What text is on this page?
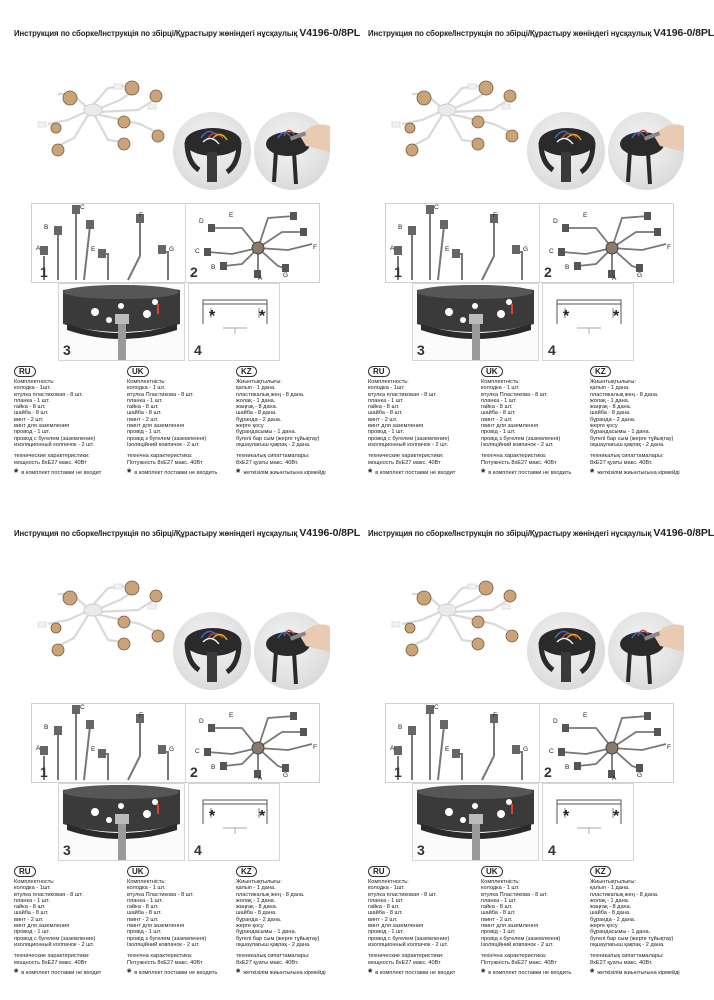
Инструкция по сборке/Інструкція по збірці/Құрастыру жөніндегі нұсқаулық V4196-0/8PL
A
B
C
F
E	G
D
E
C
B
A	G
F
*	*
1	2
3	4
RU
Комплектность:
колодка - 1шт.
втулка пластиковая - 8 шт.
планка - 1 шт.
гайка - 8 шт.
шайба - 8 шт.
винт - 2 шт.
винт для заземления
провод - 1 шт.
провод с бугелем (заземление)
изоляционный колпачок - 2 шт.
технические характеристики:
мощность 8хE27 макс. 40Вт
* в комплект поставки не входит
UK
Комплектність:
колодка - 1 шт.
втулка Пластикова - 8 шт.
планка - 1 шт.
гайка - 8 шт.
шайба - 8 шт.
гвинт - 2 шт.
гвинт для заземлення
провід - 1 шт.
провід з бугелем (заземлення)
Ізоляційний ковпачок - 2 шт.
технічна характеристика:
Потужність 8хE27 макс. 40Вт
* в комплект поставки не входить
KZ
Жиынтықтылығы:
қалып - 1 дана.
пластикалық жең - 8 дана.
жолақ - 1 дана.
жаңғақ - 8 дана.
шайба - 8 дана.
бұранда - 2 дана.
жерге қосу
бұрандасымы - 1 дана.
бугелі бар сым (жерге тұйықтау)
оқшаулағыш қақпақ - 2 дана.
техникалық сипаттамалары:
8хE27 қуаты макс. 40Вт.
* жеткізілім жиынтығына кірмейді
Инструкция по сборке/Інструкція по збірці/Құрастыру жөніндегі нұсқаулық V4196-0/8PL
A
B
C
F
E	G
D
E
C
B
A	G
F
*	*
1	2
3	4
RU
Комплектность:
колодка - 1шт.
втулка пластиковая - 8 шт.
планка - 1 шт.
гайка - 8 шт.
шайба - 8 шт.
винт - 2 шт.
винт для заземления
провод - 1 шт.
провод с бугелем (заземление)
изоляционный колпачок - 2 шт.
технические характеристики:
мощность 8хE27 макс. 40Вт
* в комплект поставки не входит
UK
Комплектність:
колодка - 1 шт.
втулка Пластикова - 8 шт.
планка - 1 шт.
гайка - 8 шт.
шайба - 8 шт.
гвинт - 2 шт.
гвинт для заземлення
провід - 1 шт.
провід з бугелем (заземлення)
Ізоляційний ковпачок - 2 шт.
технічна характеристика:
Потужність 8хE27 макс. 40Вт
* в комплект поставки не входить
KZ
Жиынтықтылығы:
қалып - 1 дана.
пластикалық жең - 8 дана.
жолақ - 1 дана.
жаңғақ - 8 дана.
шайба - 8 дана.
бұранда - 2 дана.
жерге қосу
бұрандасымы - 1 дана.
бугелі бар сым (жерге тұйықтау)
оқшаулағыш қақпақ - 2 дана.
техникалық сипаттамалары:
8хE27 қуаты макс. 40Вт.
* жеткізілім жиынтығына кірмейді
Инструкция по сборке/Інструкція по збірці/Құрастыру жөніндегі нұсқаулық V4196-0/8PL
A
B
C
F
E	G
D
E
C
B
A	G
F
*	*
1	2
3	4
RU
Комплектность:
колодка - 1шт.
втулка пластиковая - 8 шт.
планка - 1 шт.
гайка - 8 шт.
шайба - 8 шт.
винт - 2 шт.
винт для заземления
провод - 1 шт.
провод с бугелем (заземление)
изоляционный колпачок - 2 шт.
технические характеристики:
мощность 8хE27 макс. 40Вт
* в комплект поставки не входит
UK
Комплектність:
колодка - 1 шт.
втулка Пластикова - 8 шт.
планка - 1 шт.
гайка - 8 шт.
шайба - 8 шт.
гвинт - 2 шт.
гвинт для заземлення
провід - 1 шт.
провід з бугелем (заземлення)
Ізоляційний ковпачок - 2 шт.
технічна характеристика:
Потужність 8хE27 макс. 40Вт
* в комплект поставки не входить
KZ
Жиынтықтылығы:
қалып - 1 дана.
пластикалық жең - 8 дана.
жолақ - 1 дана.
жаңғақ - 8 дана.
шайба - 8 дана.
бұранда - 2 дана.
жерге қосу
бұрандасымы - 1 дана.
бугелі бар сым (жерге тұйықтау)
оқшаулағыш қақпақ - 2 дана.
техникалық сипаттамалары:
8хE27 қуаты макс. 40Вт.
* жеткізілім жиынтығына кірмейді
Инструкция по сборке/Інструкція по збірці/Құрастыру жөніндегі нұсқаулық V4196-0/8PL
A
B
C
F
E	G
D
E
C
B
A	G
F
*	*
1	2
3	4
RU
Комплектность:
колодка - 1шт.
втулка пластиковая - 8 шт.
планка - 1 шт.
гайка - 8 шт.
шайба - 8 шт.
винт - 2 шт.
винт для заземления
провод - 1 шт.
провод с бугелем (заземление)
изоляционный колпачок - 2 шт.
технические характеристики:
мощность 8хE27 макс. 40Вт
* в комплект поставки не входит
UK
Комплектність:
колодка - 1 шт.
втулка Пластикова - 8 шт.
планка - 1 шт.
гайка - 8 шт.
шайба - 8 шт.
гвинт - 2 шт.
гвинт для заземлення
провід - 1 шт.
провід з бугелем (заземлення)
Ізоляційний ковпачок - 2 шт.
технічна характеристика:
Потужність 8хE27 макс. 40Вт
* в комплект поставки не входить
KZ
Жиынтықтылығы:
қалып - 1 дана.
пластикалық жең - 8 дана.
жолақ - 1 дана.
жаңғақ - 8 дана.
шайба - 8 дана.
бұранда - 2 дана.
жерге қосу
бұрандасымы - 1 дана.
бугелі бар сым (жерге тұйықтау)
оқшаулағыш қақпақ - 2 дана.
техникалық сипаттамалары:
8хE27 қуаты макс. 40Вт.
* жеткізілім жиынтығына кірмейді
